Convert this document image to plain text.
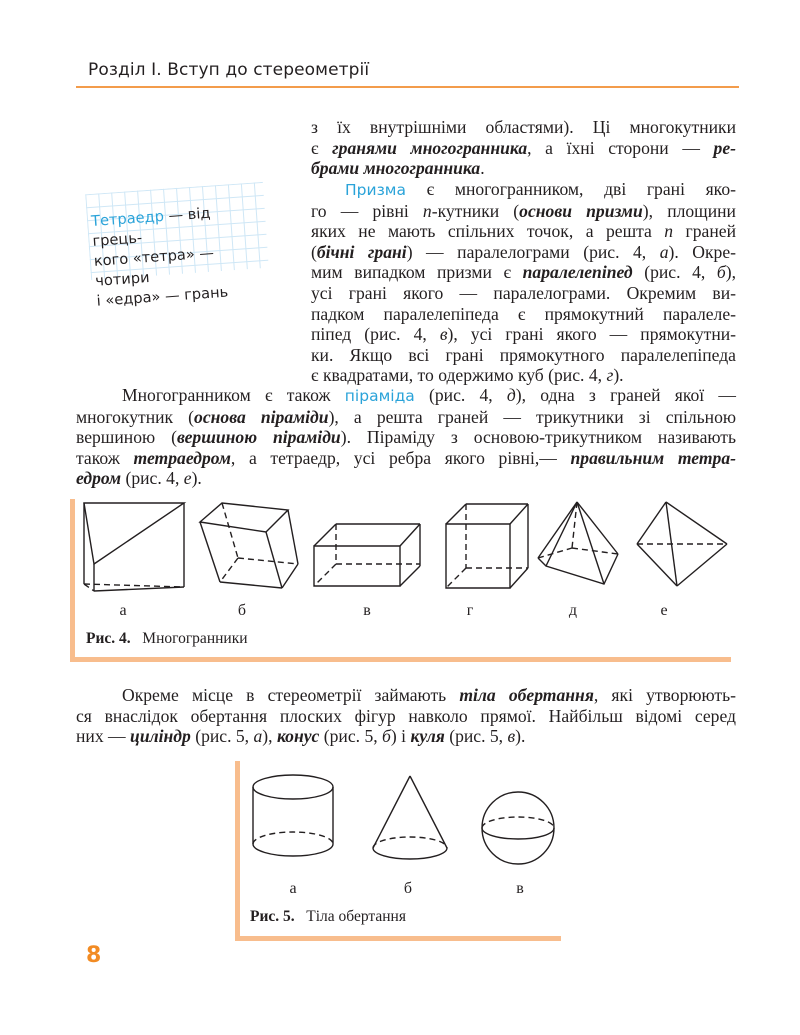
Розділ І. Вступ до стереометрії
Тетраедр — від грець-
кого «тетра» — чотири
і «едра» — грань
з їх внутрішніми областями). Ці многокутники
є гранями многогранника, а їхні сторони — ре-
брами многогранника.
Призма є многогранником, дві грані яко-
го — рівні n-кутники (основи призми), площини
яких не мають спільних точок, а решта n граней
(бічні грані) — паралелограми (рис. 4, а). Окре-
мим випадком призми є паралелепіпед (рис. 4, б),
усі грані якого — паралелограми. Окремим ви-
падком паралелепіпеда є прямокутний паралеле-
піпед (рис. 4, в), усі грані якого — прямокутни-
ки. Якщо всі грані прямокутного паралелепіпеда
є квадратами, то одержимо куб (рис. 4, г).
Многогранником є також піраміда (рис. 4, д), одна з граней якої —
многокутник (основа піраміди), а решта граней — трикутники зі спільною
вершиною (вершиною піраміди). Піраміду з основою-трикутником називають
також тетраедром, а тетраедр, усі ребра якого рівні,— правильним тетра-
едром (рис. 4, е).
а	б	в	г	д	е
Рис. 4. Многогранники
Окреме місце в стереометрії займають тіла обертання, які утворюють-
ся внаслідок обертання плоских фігур навколо прямої. Найбільш відомі серед
них — циліндр (рис. 5, а), конус (рис. 5, б) і куля (рис. 5, в).
а	б	в
Рис. 5. Тіла обертання
8
